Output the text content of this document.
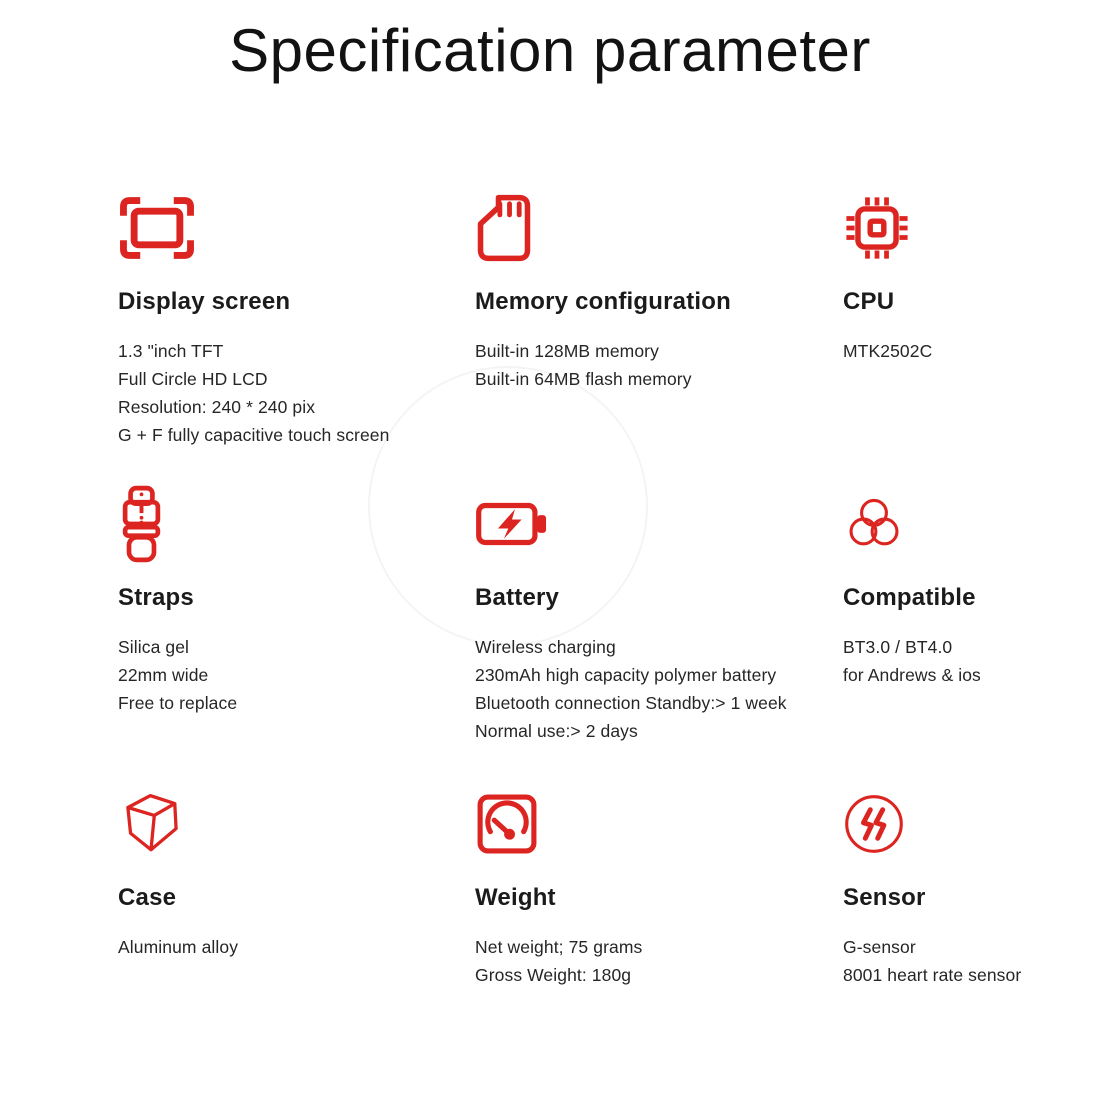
Specification parameter
Display screen
1.3 "inch TFT
Full Circle HD LCD
Resolution: 240 * 240 pix
G + F fully capacitive touch screen
Memory configuration
Built-in 128MB memory
Built-in 64MB flash memory
CPU
MTK2502C
Straps
Silica gel
22mm wide
Free to replace
Battery
Wireless charging
230mAh high capacity polymer battery
Bluetooth connection Standby:> 1 week
Normal use:> 2 days
Compatible
BT3.0 / BT4.0
for Andrews & ios
Case
Aluminum alloy
Weight
Net weight; 75 grams
Gross Weight: 180g
Sensor
G-sensor
8001 heart rate sensor
